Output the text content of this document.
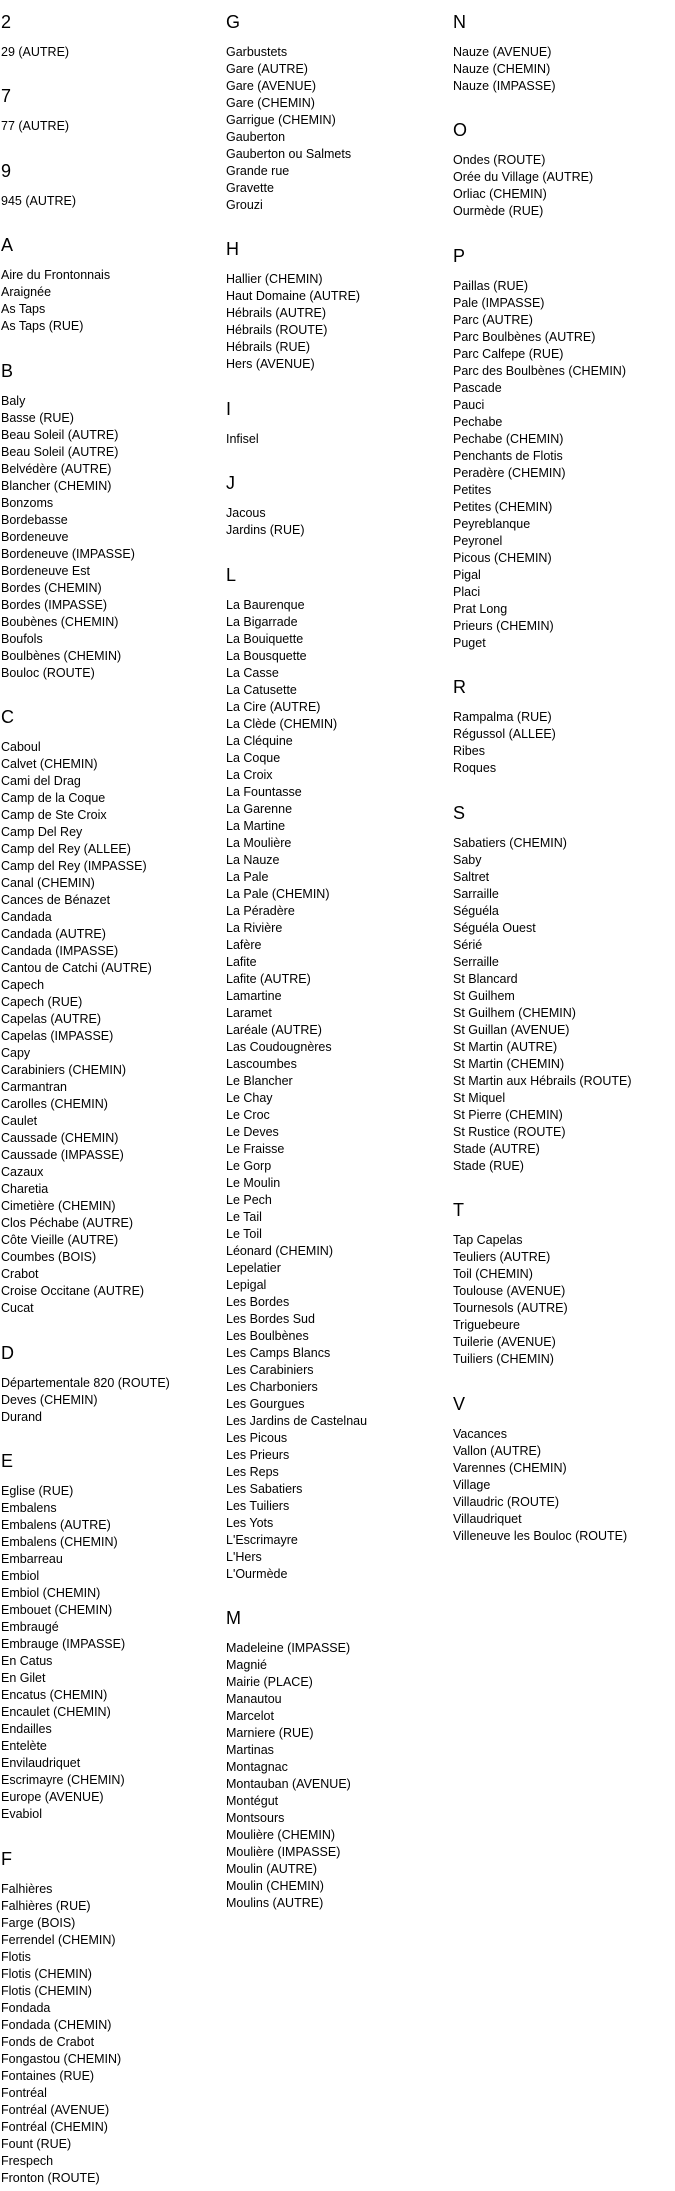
2
29 (AUTRE)
7
77 (AUTRE)
9
945 (AUTRE)
A
Aire du Frontonnais
Araignée
As Taps
As Taps (RUE)
B
Baly
Basse (RUE)
Beau Soleil (AUTRE)
Beau Soleil (AUTRE)
Belvédère (AUTRE)
Blancher (CHEMIN)
Bonzoms
Bordebasse
Bordeneuve
Bordeneuve (IMPASSE)
Bordeneuve Est
Bordes (CHEMIN)
Bordes (IMPASSE)
Boubènes (CHEMIN)
Boufols
Boulbènes (CHEMIN)
Bouloc (ROUTE)
C
Caboul
Calvet (CHEMIN)
Cami del Drag
Camp de la Coque
Camp de Ste Croix
Camp Del Rey
Camp del Rey (ALLEE)
Camp del Rey (IMPASSE)
Canal (CHEMIN)
Cances de Bénazet
Candada
Candada (AUTRE)
Candada (IMPASSE)
Cantou de Catchi (AUTRE)
Capech
Capech (RUE)
Capelas (AUTRE)
Capelas (IMPASSE)
Capy
Carabiniers (CHEMIN)
Carmantran
Carolles (CHEMIN)
Caulet
Caussade (CHEMIN)
Caussade (IMPASSE)
Cazaux
Charetia
Cimetière (CHEMIN)
Clos Péchabe (AUTRE)
Côte Vieille (AUTRE)
Coumbes (BOIS)
Crabot
Croise Occitane (AUTRE)
Cucat
D
Départementale 820 (ROUTE)
Deves (CHEMIN)
Durand
E
Eglise (RUE)
Embalens
Embalens (AUTRE)
Embalens (CHEMIN)
Embarreau
Embiol
Embiol (CHEMIN)
Embouet (CHEMIN)
Embraugé
Embrauge (IMPASSE)
En Catus
En Gilet
Encatus (CHEMIN)
Encaulet (CHEMIN)
Endailles
Entelète
Envilaudriquet
Escrimayre (CHEMIN)
Europe (AVENUE)
Evabiol
F
Falhières
Falhières (RUE)
Farge (BOIS)
Ferrendel (CHEMIN)
Flotis
Flotis (CHEMIN)
Flotis (CHEMIN)
Fondada
Fondada (CHEMIN)
Fonds de Crabot
Fongastou (CHEMIN)
Fontaines (RUE)
Fontréal
Fontréal (AVENUE)
Fontréal (CHEMIN)
Fount (RUE)
Frespech
Fronton (ROUTE)
G
Garbustets
Gare (AUTRE)
Gare (AVENUE)
Gare (CHEMIN)
Garrigue (CHEMIN)
Gauberton
Gauberton ou Salmets
Grande rue
Gravette
Grouzi
H
Hallier (CHEMIN)
Haut Domaine (AUTRE)
Hébrails (AUTRE)
Hébrails (ROUTE)
Hébrails (RUE)
Hers (AVENUE)
I
Infisel
J
Jacous
Jardins (RUE)
L
La Baurenque
La Bigarrade
La Bouiquette
La Bousquette
La Casse
La Catusette
La Cire (AUTRE)
La Clède (CHEMIN)
La Cléquine
La Coque
La Croix
La Fountasse
La Garenne
La Martine
La Moulière
La Nauze
La Pale
La Pale (CHEMIN)
La Péradère
La Rivière
Lafère
Lafite
Lafite (AUTRE)
Lamartine
Laramet
Laréale (AUTRE)
Las Coudougnères
Lascoumbes
Le Blancher
Le Chay
Le Croc
Le Deves
Le Fraisse
Le Gorp
Le Moulin
Le Pech
Le Tail
Le Toil
Léonard (CHEMIN)
Lepelatier
Lepigal
Les Bordes
Les Bordes Sud
Les Boulbènes
Les Camps Blancs
Les Carabiniers
Les Charboniers
Les Gourgues
Les Jardins de Castelnau
Les Picous
Les Prieurs
Les Reps
Les Sabatiers
Les Tuiliers
Les Yots
L'Escrimayre
L'Hers
L'Ourmède
M
Madeleine (IMPASSE)
Magnié
Mairie (PLACE)
Manautou
Marcelot
Marniere (RUE)
Martinas
Montagnac
Montauban (AVENUE)
Montégut
Montsours
Moulière (CHEMIN)
Moulière (IMPASSE)
Moulin (AUTRE)
Moulin (CHEMIN)
Moulins (AUTRE)
N
Nauze (AVENUE)
Nauze (CHEMIN)
Nauze (IMPASSE)
O
Ondes (ROUTE)
Orée du Village (AUTRE)
Orliac (CHEMIN)
Ourmède (RUE)
P
Paillas (RUE)
Pale (IMPASSE)
Parc (AUTRE)
Parc Boulbènes (AUTRE)
Parc Calfepe (RUE)
Parc des Boulbènes (CHEMIN)
Pascade
Pauci
Pechabe
Pechabe (CHEMIN)
Penchants de Flotis
Peradère (CHEMIN)
Petites
Petites (CHEMIN)
Peyreblanque
Peyronel
Picous (CHEMIN)
Pigal
Placi
Prat Long
Prieurs (CHEMIN)
Puget
R
Rampalma (RUE)
Régussol (ALLEE)
Ribes
Roques
S
Sabatiers (CHEMIN)
Saby
Saltret
Sarraille
Séguéla
Séguéla Ouest
Sérié
Serraille
St Blancard
St Guilhem
St Guilhem (CHEMIN)
St Guillan (AVENUE)
St Martin (AUTRE)
St Martin (CHEMIN)
St Martin aux Hébrails (ROUTE)
St Miquel
St Pierre (CHEMIN)
St Rustice (ROUTE)
Stade (AUTRE)
Stade (RUE)
T
Tap Capelas
Teuliers (AUTRE)
Toil (CHEMIN)
Toulouse (AVENUE)
Tournesols (AUTRE)
Triguebeure
Tuilerie (AVENUE)
Tuiliers (CHEMIN)
V
Vacances
Vallon (AUTRE)
Varennes (CHEMIN)
Village
Villaudric (ROUTE)
Villaudriquet
Villeneuve les Bouloc (ROUTE)
